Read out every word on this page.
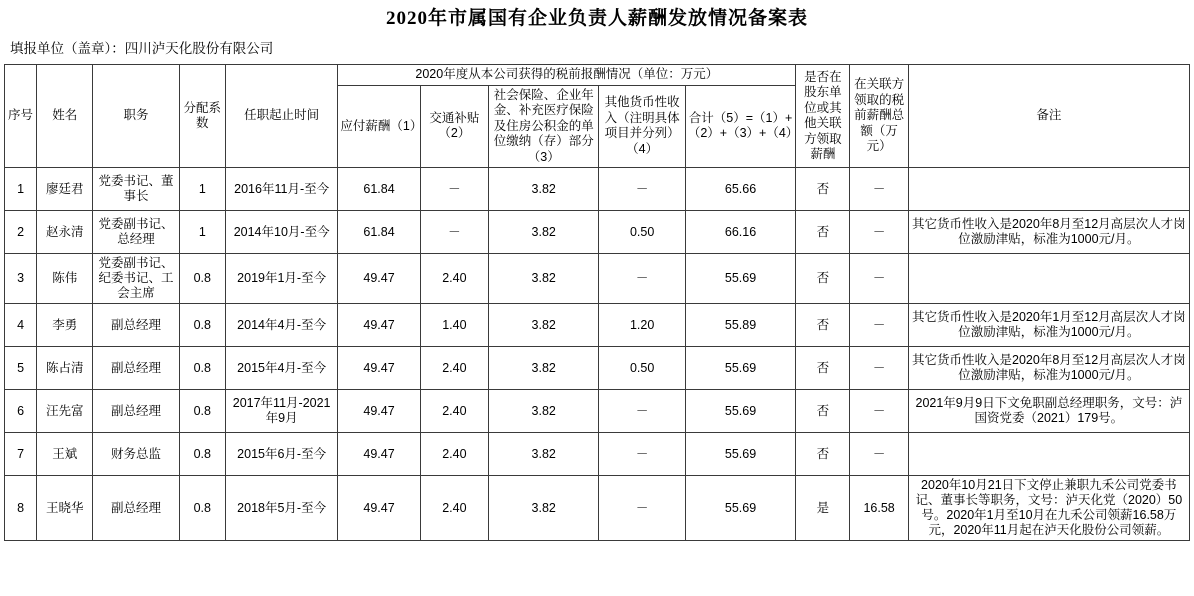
2020年市属国有企业负责人薪酬发放情况备案表
填报单位（盖章）：四川泸天化股份有限公司
序号	姓名	职务	分配系数	任职起止时间	2020年度从本公司获得的税前报酬情况（单位：万元）					是否在股东单位或其他关联方领取薪酬	在关联方领取的税前薪酬总额（万元）	备注
					应付薪酬（1）	交通补贴（2）	社会保险、企业年金、补充医疗保险及住房公积金的单位缴纳（存）部分（3）	其他货币性收入（注明具体项目并分列）（4）	合计（5）=（1）+（2）+（3）+（4）			
1	廖廷君	党委书记、董事长	1	2016年11月-至今	61.84	－	3.82	－	65.66	否	－	
2	赵永清	党委副书记、总经理	1	2014年10月-至今	61.84	－	3.82	0.50	66.16	否	－	其它货币性收入是2020年8月至12月高层次人才岗位激励津贴，标准为1000元/月。
3	陈伟	党委副书记、纪委书记、工会主席	0.8	2019年1月-至今	49.47	2.40	3.82	－	55.69	否	－	
4	李勇	副总经理	0.8	2014年4月-至今	49.47	1.40	3.82	1.20	55.89	否	－	其它货币性收入是2020年1月至12月高层次人才岗位激励津贴，标准为1000元/月。
5	陈占清	副总经理	0.8	2015年4月-至今	49.47	2.40	3.82	0.50	55.69	否	－	其它货币性收入是2020年8月至12月高层次人才岗位激励津贴，标准为1000元/月。
6	汪先富	副总经理	0.8	2017年11月-2021年9月	49.47	2.40	3.82	－	55.69	否	－	2021年9月9日下文免职副总经理职务，文号：泸国资党委（2021）179号。
7	王斌	财务总监	0.8	2015年6月-至今	49.47	2.40	3.82	－	55.69	否	－	
8	王晓华	副总经理	0.8	2018年5月-至今	49.47	2.40	3.82	－	55.69	是	16.58	2020年10月21日下文停止兼职九禾公司党委书记、董事长等职务，文号：泸天化党（2020）50号。2020年1月至10月在九禾公司领薪16.58万元，2020年11月起在泸天化股份公司领薪。
